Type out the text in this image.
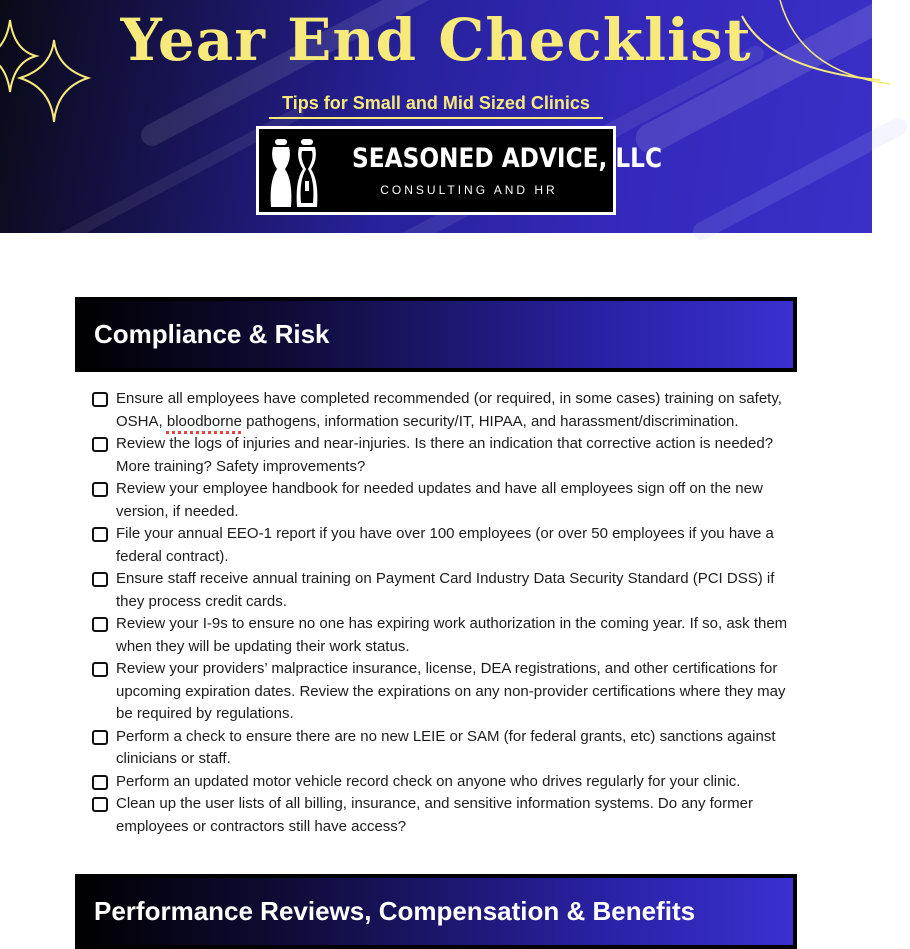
Year End Checklist
Tips for Small and Mid Sized Clinics
SEASONED ADVICE, LLC
CONSULTING AND HR
Compliance & Risk
Ensure all employees have completed recommended (or required, in some cases) training on safety, OSHA, bloodborne pathogens, information security/IT, HIPAA, and harassment/discrimination.
Review the logs of injuries and near-injuries. Is there an indication that corrective action is needed? More training? Safety improvements?
Review your employee handbook for needed updates and have all employees sign off on the new version, if needed.
File your annual EEO-1 report if you have over 100 employees (or over 50 employees if you have a federal contract).
Ensure staff receive annual training on Payment Card Industry Data Security Standard (PCI DSS) if they process credit cards.
Review your I-9s to ensure no one has expiring work authorization in the coming year. If so, ask them when they will be updating their work status.
Review your providers’ malpractice insurance, license, DEA registrations, and other certifications for upcoming expiration dates. Review the expirations on any non-provider certifications where they may be required by regulations.
Perform a check to ensure there are no new LEIE or SAM (for federal grants, etc) sanctions against clinicians or staff.
Perform an updated motor vehicle record check on anyone who drives regularly for your clinic.
Clean up the user lists of all billing, insurance, and sensitive information systems. Do any former employees or contractors still have access?
Performance Reviews, Compensation & Benefits
